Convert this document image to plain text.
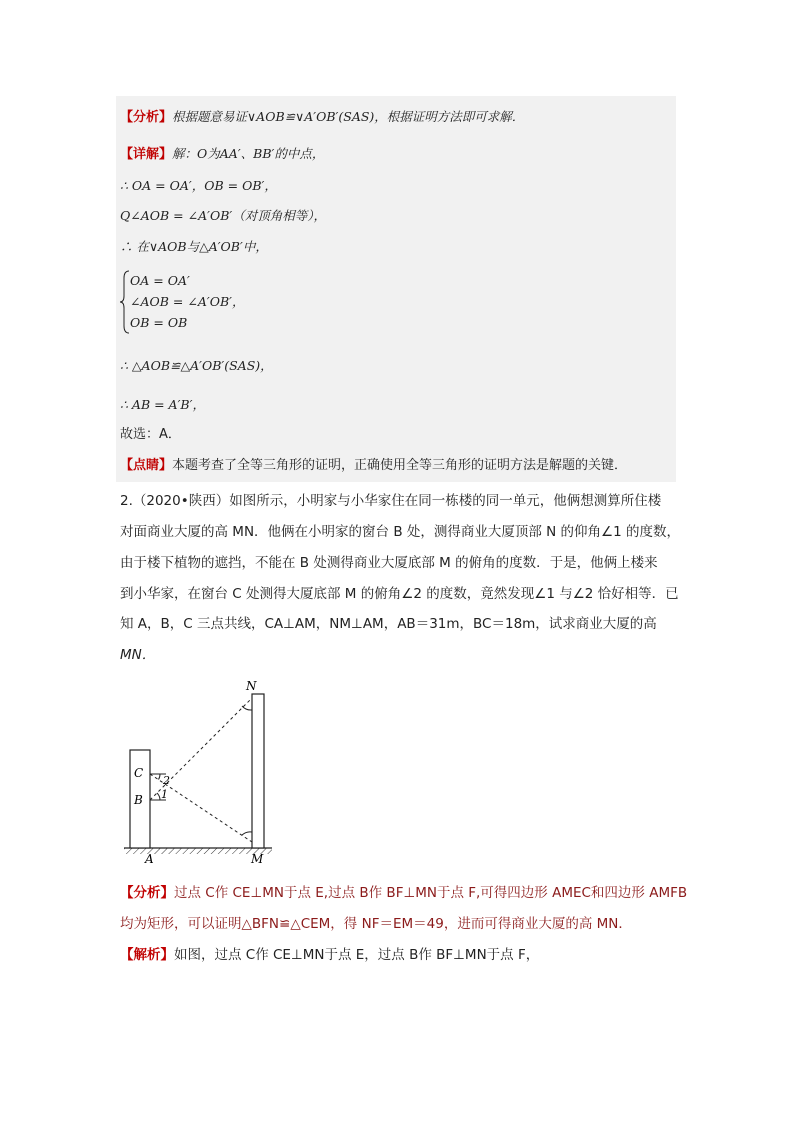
【分析】根据题意易证∨AOB≌∨A′OB′(SAS)，根据证明方法即可求解．
【详解】解：O为AA′、BB′的中点，
∴ OA = OA′，OB = OB′，
Q∠AOB = ∠A′OB′（对顶角相等），
∴ 在∨AOB与△A′OB′中，
OA = OA′
∠AOB = ∠A′OB′，
OB = OB
∴ △AOB≌△A′OB′(SAS)，
∴ AB = A′B′，
故选：A．
【点睛】本题考查了全等三角形的证明，正确使用全等三角形的证明方法是解题的关键．
2.（2020•陕西）如图所示，小明家与小华家住在同一栋楼的同一单元，他俩想测算所住楼
对面商业大厦的高 MN．他俩在小明家的窗台 B 处，测得商业大厦顶部 N 的仰角∠1 的度数，
由于楼下植物的遮挡，不能在 B 处测得商业大厦底部 M 的俯角的度数．于是，他俩上楼来
到小华家，在窗台 C 处测得大厦底部 M 的俯角∠2 的度数，竟然发现∠1 与∠2 恰好相等．已
知 A，B，C 三点共线，CA⊥AM，NM⊥AM，AB＝31m，BC＝18m，试求商业大厦的高
MN．
N
C
B
A	M
2
1
【分析】过点 C作 CE⊥MN于点 E,过点 B作 BF⊥MN于点 F,可得四边形 AMEC和四边形 AMFB
均为矩形，可以证明△BFN≌△CEM，得 NF＝EM＝49，进而可得商业大厦的高 MN．
【解析】如图，过点 C作 CE⊥MN于点 E，过点 B作 BF⊥MN于点 F，
